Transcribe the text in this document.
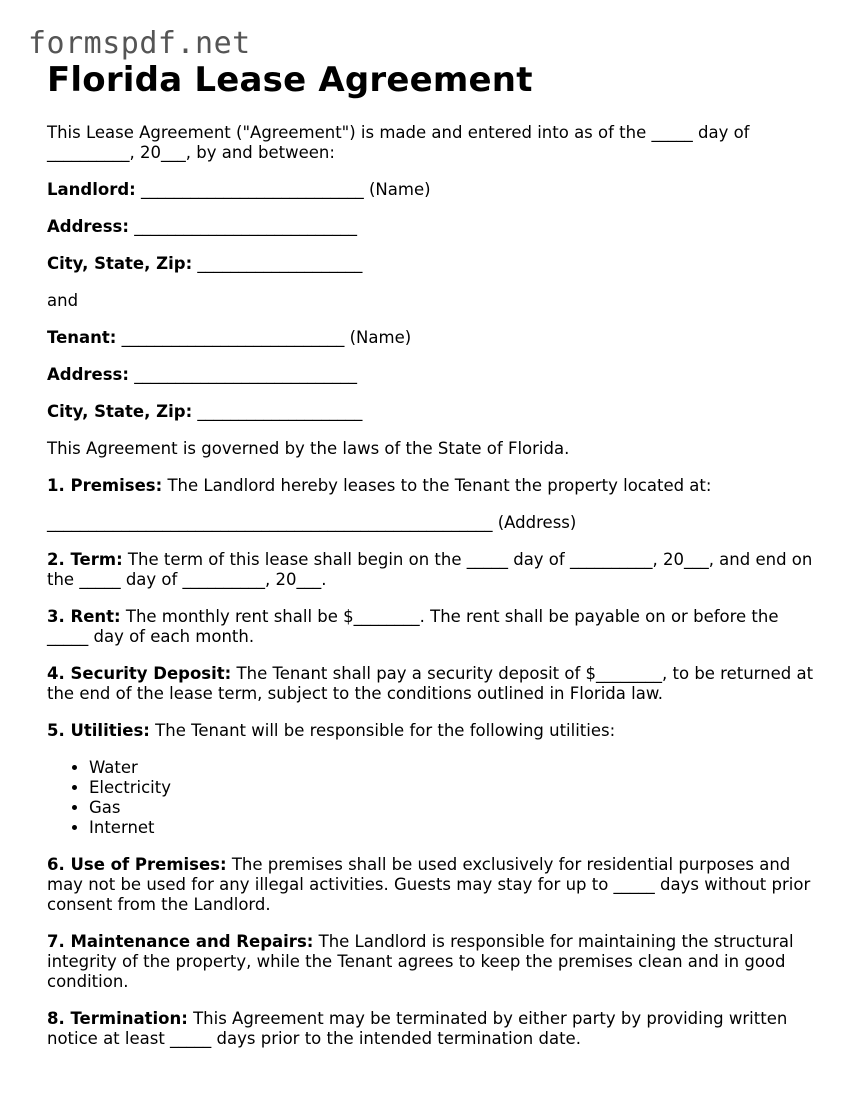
formspdf.net
Florida Lease Agreement

This Lease Agreement ("Agreement") is made and entered into as of the _____ day of __________, 20___, by and between:

Landlord: ___________________________ (Name)

Address: ___________________________

City, State, Zip: ____________________

and

Tenant: ___________________________ (Name)

Address: ___________________________

City, State, Zip: ____________________

This Agreement is governed by the laws of the State of Florida.

1. Premises: The Landlord hereby leases to the Tenant the property located at:

______________________________________________________ (Address)

2. Term: The term of this lease shall begin on the _____ day of __________, 20___, and end on the _____ day of __________, 20___.

3. Rent: The monthly rent shall be $________. The rent shall be payable on or before the _____ day of each month.

4. Security Deposit: The Tenant shall pay a security deposit of $________, to be returned at the end of the lease term, subject to the conditions outlined in Florida law.

5. Utilities: The Tenant will be responsible for the following utilities:

• Water
• Electricity
• Gas
• Internet

6. Use of Premises: The premises shall be used exclusively for residential purposes and may not be used for any illegal activities. Guests may stay for up to _____ days without prior consent from the Landlord.

7. Maintenance and Repairs: The Landlord is responsible for maintaining the structural integrity of the property, while the Tenant agrees to keep the premises clean and in good condition.

8. Termination: This Agreement may be terminated by either party by providing written notice at least _____ days prior to the intended termination date.
